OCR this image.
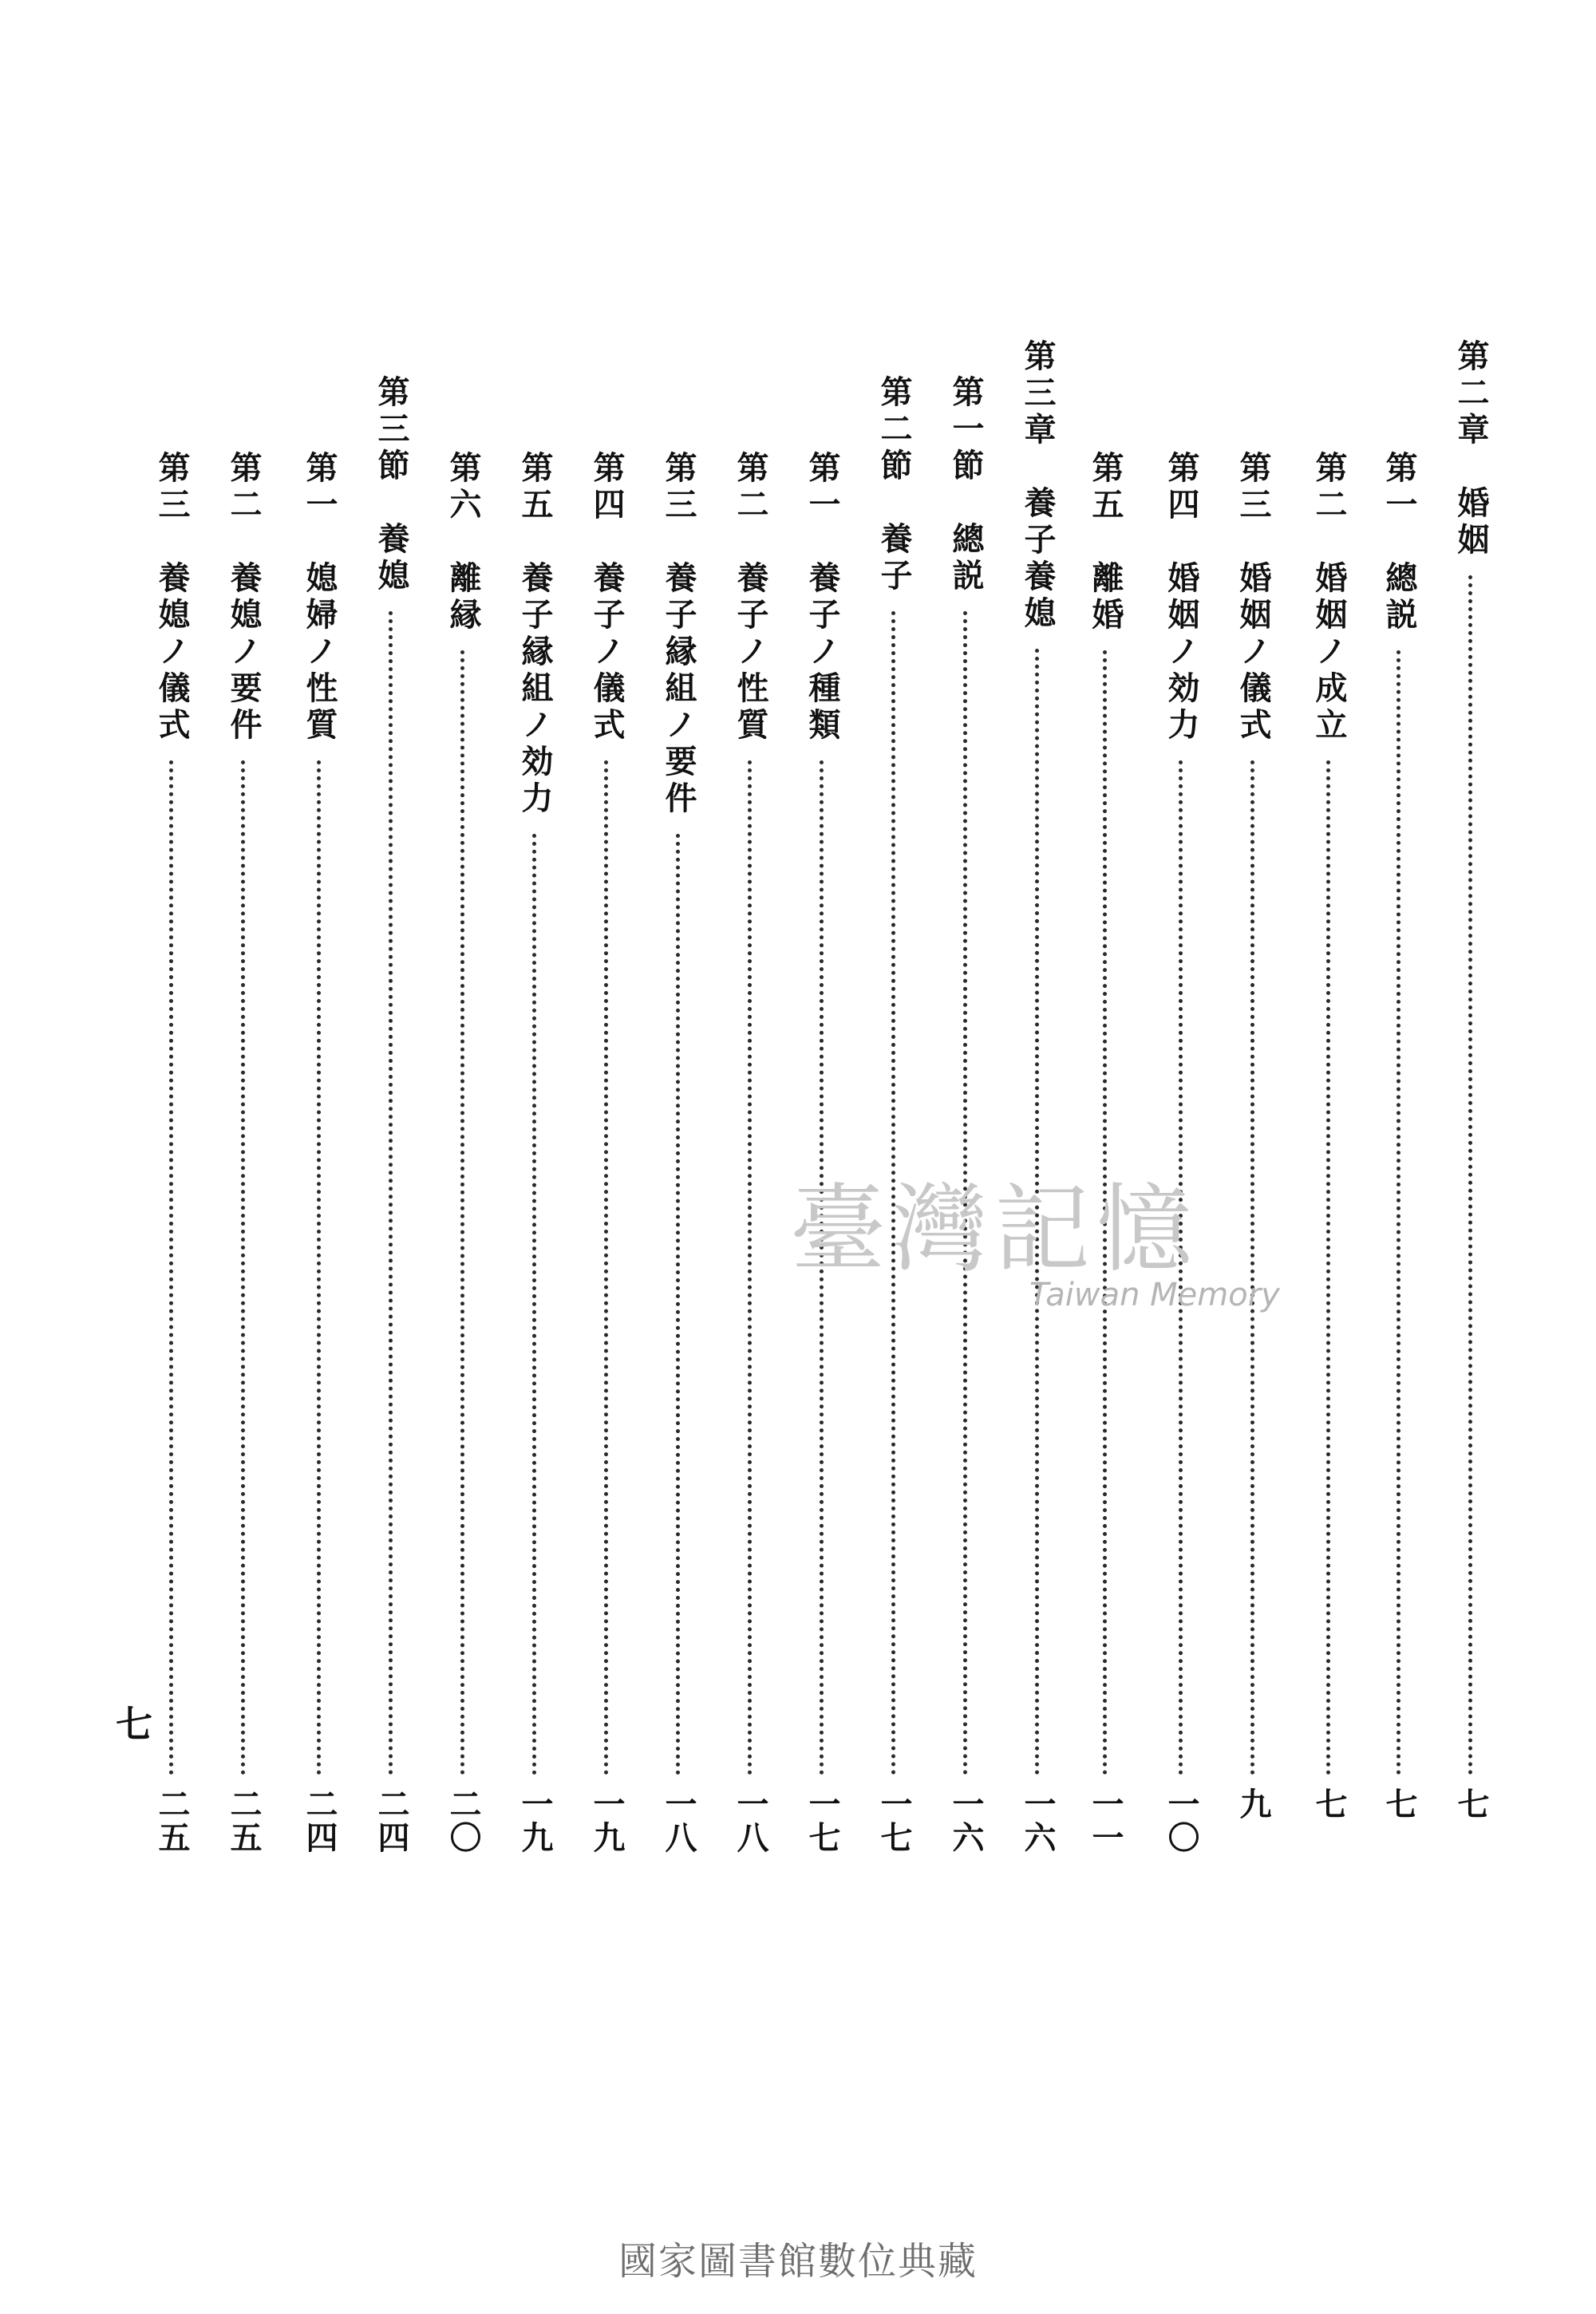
第二章　婚姻
七
第一　總説
七
第二　婚姻ノ成立
七
第三　婚姻ノ儀式
九
第四　婚姻ノ効力
一〇
第五　離婚
一一
第三章　養子養媳
一六
第一節　總説
一六
第二節　養子
一七
第一　養子ノ種類
一七
第二　養子ノ性質
一八
第三　養子縁組ノ要件
一八
第四　養子ノ儀式
一九
第五　養子縁組ノ効力
一九
第六　離縁
二〇
第三節　養媳
二四
第一　媳婦ノ性質
二四
第二　養媳ノ要件
二五
第三　養媳ノ儀式
二五
七
臺灣記憶
Taiwan Memory
國家圖書館數位典藏
